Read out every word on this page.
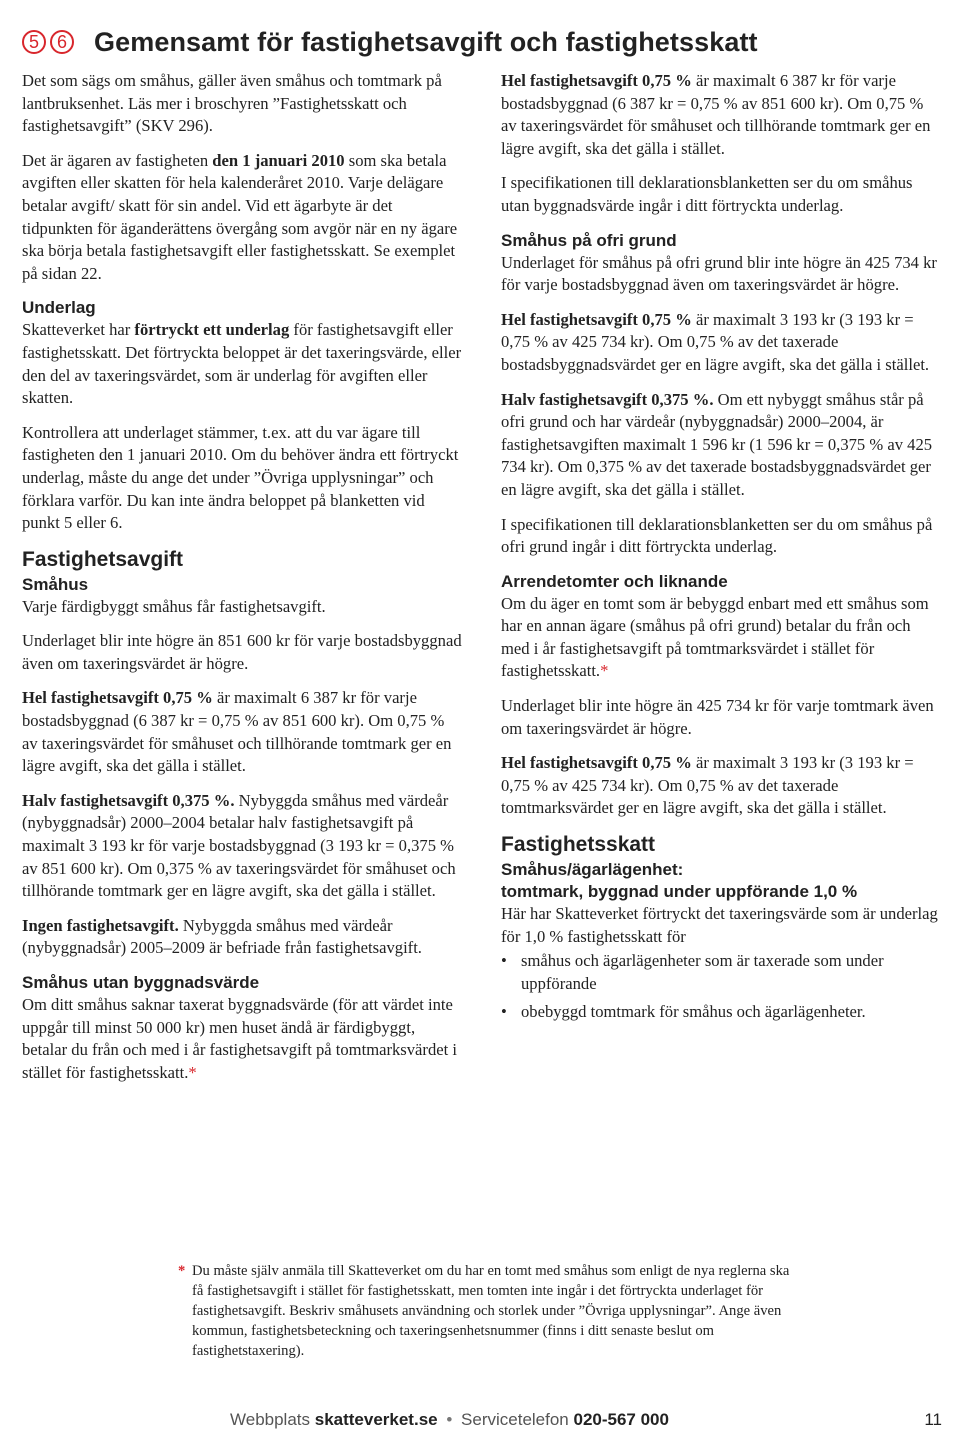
5 6 Gemensamt för fastighetsavgift och fastighetsskatt

Det som sägs om småhus, gäller även småhus och tomtmark på lantbruksenhet. Läs mer i broschyren ”Fastighetsskatt och fastighetsavgift” (SKV 296).

Det är ägaren av fastigheten den 1 januari 2010 som ska betala avgiften eller skatten för hela kalenderåret 2010. Varje delägare betalar avgift/ skatt för sin andel. Vid ett ägarbyte är det tidpunkten för äganderättens övergång som avgör när en ny ägare ska börja betala fastighetsavgift eller fastighetsskatt. Se exemplet på sidan 22.

Underlag

Skatteverket har förtryckt ett underlag för fastighetsavgift eller fastighetsskatt. Det förtryckta beloppet är det taxeringsvärde, eller den del av taxeringsvärdet, som är underlag för avgiften eller skatten.

Kontrollera att underlaget stämmer, t.ex. att du var ägare till fastigheten den 1 januari 2010. Om du behöver ändra ett förtryckt underlag, måste du ange det under ”Övriga upplysningar” och förklara varför. Du kan inte ändra beloppet på blanketten vid punkt 5 eller 6.

Fastighetsavgift
Småhus

Varje färdigbyggt småhus får fastighetsavgift.

Underlaget blir inte högre än 851 600 kr för varje bostadsbyggnad även om taxeringsvärdet är högre.

Hel fastighetsavgift 0,75 % är maximalt 6 387 kr för varje bostadsbyggnad (6 387 kr = 0,75 % av 851 600 kr). Om 0,75 % av taxeringsvärdet för småhuset och tillhörande tomtmark ger en lägre avgift, ska det gälla i stället.

Halv fastighetsavgift 0,375 %. Nybyggda småhus med värdeår (nybyggnadsår) 2000–2004 betalar halv fastighetsavgift på maximalt 3 193 kr för varje bostadsbyggnad (3 193 kr = 0,375 % av 851 600 kr). Om 0,375 % av taxeringsvärdet för småhuset och tillhörande tomtmark ger en lägre avgift, ska det gälla i stället.

Ingen fastighetsavgift. Nybyggda småhus med värdeår (nybyggnadsår) 2005–2009 är befriade från fastighetsavgift.

Småhus utan byggnadsvärde

Om ditt småhus saknar taxerat byggnadsvärde (för att värdet inte uppgår till minst 50 000 kr) men huset ändå är färdigbyggt, betalar du från och med i år fastighetsavgift på tomtmarksvärdet i stället för fastighetsskatt.*

Hel fastighetsavgift 0,75 % är maximalt 6 387 kr för varje bostadsbyggnad (6 387 kr = 0,75 % av 851 600 kr). Om 0,75 % av taxeringsvärdet för småhuset och tillhörande tomtmark ger en lägre avgift, ska det gälla i stället.

I specifikationen till deklarationsblanketten ser du om småhus utan byggnadsvärde ingår i ditt förtryckta underlag.

Småhus på ofri grund

Underlaget för småhus på ofri grund blir inte högre än 425 734 kr för varje bostadsbyggnad även om taxeringsvärdet är högre.

Hel fastighetsavgift 0,75 % är maximalt 3 193 kr (3 193 kr = 0,75 % av 425 734 kr). Om 0,75 % av det taxerade bostadsbyggnadsvärdet ger en lägre avgift, ska det gälla i stället.

Halv fastighetsavgift 0,375 %. Om ett nybyggt småhus står på ofri grund och har värdeår (nybyggnadsår) 2000–2004, är fastighetsavgiften maximalt 1 596 kr (1 596 kr = 0,375 % av 425 734 kr). Om 0,375 % av det taxerade bostadsbyggnadsvärdet ger en lägre avgift, ska det gälla i stället.

I specifikationen till deklarationsblanketten ser du om småhus på ofri grund ingår i ditt förtryckta underlag.

Arrendetomter och liknande

Om du äger en tomt som är bebyggd enbart med ett småhus som har en annan ägare (småhus på ofri grund) betalar du från och med i år fastighetsavgift på tomtmarksvärdet i stället för fastighetsskatt.*

Underlaget blir inte högre än 425 734 kr för varje tomtmark även om taxeringsvärdet är högre.

Hel fastighetsavgift 0,75 % är maximalt 3 193 kr (3 193 kr = 0,75 % av 425 734 kr). Om 0,75 % av det taxerade tomtmarksvärdet ger en lägre avgift, ska det gälla i stället.

Fastighetsskatt
Småhus/ägarlägenhet:
tomtmark, byggnad under uppförande 1,0 %

Här har Skatteverket förtryckt det taxeringsvärde som är underlag för 1,0 % fastighetsskatt för

• småhus och ägarlägenheter som är taxerade som under uppförande
• obebyggd tomtmark för småhus och ägarlägenheter.
* Du måste själv anmäla till Skatteverket om du har en tomt med småhus som enligt de nya reglerna ska få fastighetsavgift i stället för fastighetsskatt, men tomten inte ingår i det förtryckta underlaget för fastighetsavgift. Beskriv småhusets användning och storlek under ”Övriga upplysningar”. Ange även kommun, fastighetsbeteckning och taxeringsenhetsnummer (finns i ditt senaste beslut om fastighetstaxering).
Webbplats skatteverket.se • Servicetelefon 020-567 000	11
